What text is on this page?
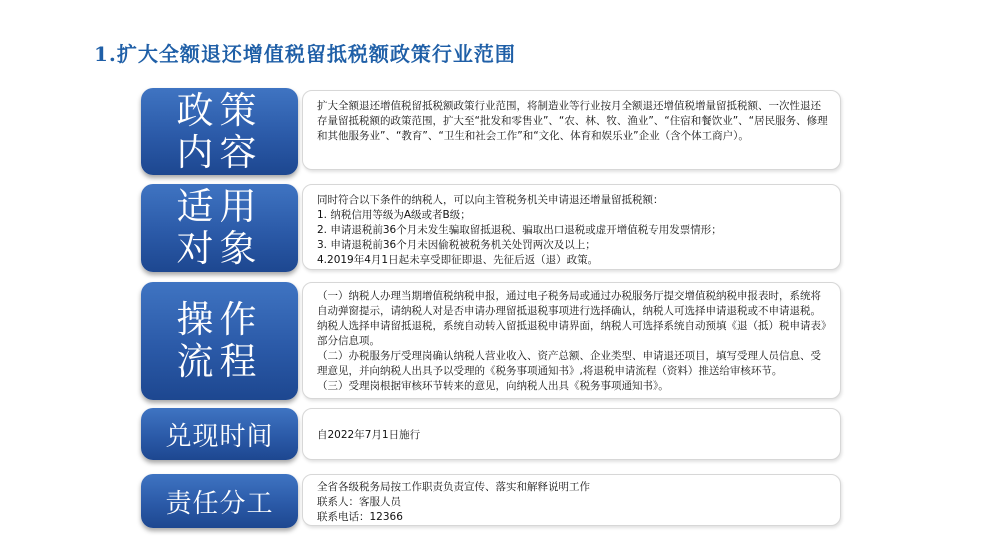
1.扩大全额退还增值税留抵税额政策行业范围
政策
内容

扩大全额退还增值税留抵税额政策行业范围，将制造业等行业按月全额退还增值税增量留抵税额、一次性退还存量留抵税额的政策范围，扩大至“批发和零售业”、“农、林、牧、渔业”、“住宿和餐饮业”、“居民服务、修理和其他服务业”、“教育”、“卫生和社会工作”和“文化、体育和娱乐业”企业（含个体工商户）。

适用
对象

同时符合以下条件的纳税人，可以向主管税务机关申请退还增量留抵税额：

1. 纳税信用等级为A级或者B级；

2. 申请退税前36个月未发生骗取留抵退税、骗取出口退税或虚开增值税专用发票情形；

3. 申请退税前36个月未因偷税被税务机关处罚两次及以上；

4.2019年4月1日起未享受即征即退、先征后返（退）政策。

操作
流程

（一）纳税人办理当期增值税纳税申报，通过电子税务局或通过办税服务厅提交增值税纳税申报表时，系统将自动弹窗提示，请纳税人对是否申请办理留抵退税事项进行选择确认，纳税人可选择申请退税或不申请退税。纳税人选择申请留抵退税，系统自动转入留抵退税申请界面，纳税人可选择系统自动预填《退（抵）税申请表》部分信息项。

（二）办税服务厅受理岗确认纳税人营业收入、资产总额、企业类型、申请退还项目，填写受理人员信息、受理意见，并向纳税人出具予以受理的《税务事项通知书》,将退税申请流程（资料）推送给审核环节。

（三）受理岗根据审核环节转来的意见，向纳税人出具《税务事项通知书》。

兑现时间	自2022年7月1日施行

责任分工

全省各级税务局按工作职责负责宣传、落实和解释说明工作

联系人：客服人员

联系电话：12366
